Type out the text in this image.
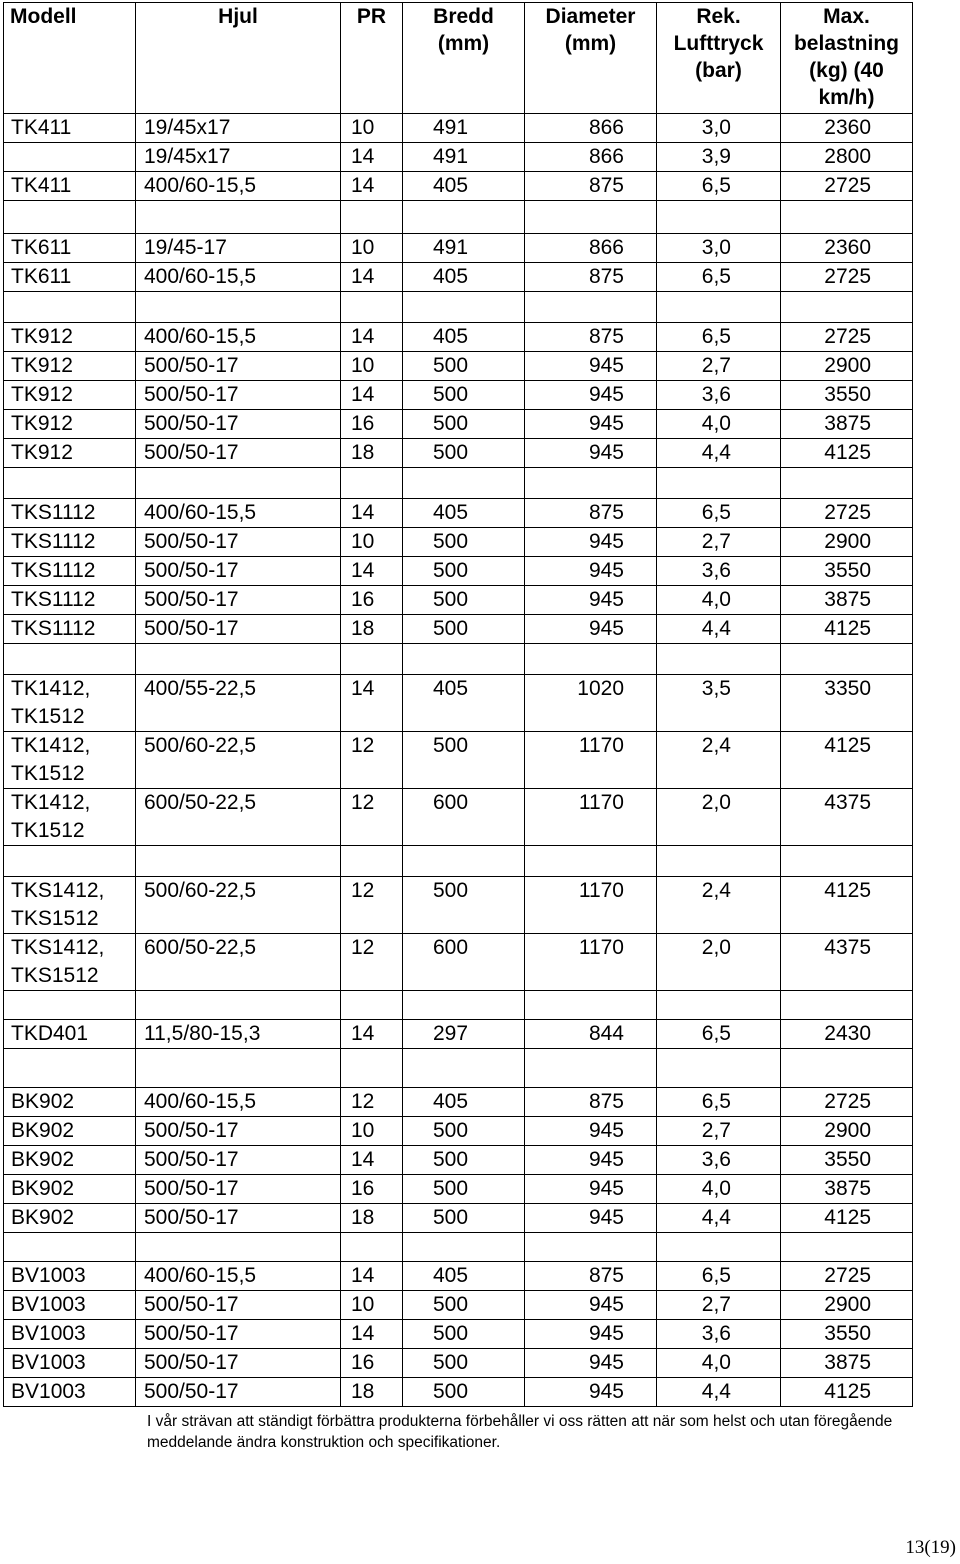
Modell	Hjul	PR	Bredd (mm)	Diameter (mm)	Rek. Lufttryck (bar)	Max. belastning (kg) (40 km/h)
TK411	19/45x17  	10	491	866	3,0	2360
	19/45x17	14	491	866	3,9	2800
TK411	400/60-15,5  	14	405	875	6,5	2725

TK611	19/45-17  	10	491	866	3,0	2360
TK611	400/60-15,5  	14	405	875	6,5	2725

TK912	400/60-15,5  	14	405	875	6,5	2725
TK912	500/50-17  	10	500	945	2,7	2900
TK912	500/50-17	14	500	945	3,6	3550
TK912	500/50-17	16	500	945	4,0	3875
TK912	500/50-17	18	500	945	4,4	4125

TKS1112	400/60-15,5  	14	405	875	6,5	2725
TKS1112	500/50-17  	10	500	945	2,7	2900
TKS1112	500/50-17	14	500	945	3,6	3550
TKS1112	500/50-17	16	500	945	4,0	3875
TKS1112	500/50-17	18	500	945	4,4	4125

TK1412, TK1512	400/55-22,5  	14	405	1020	3,5	3350
TK1412, TK1512	500/60-22,5  	12	500	1170	2,4	4125
TK1412, TK1512	600/50-22,5  	12	600	1170	2,0	4375

TKS1412, TKS1512	500/60-22,5  	12	500	1170	2,4	4125
TKS1412, TKS1512	600/50-22,5  	12	600	1170	2,0	4375

TKD401	11,5/80-15,3	14	297	844	6,5	2430

BK902	400/60-15,5	12	405	875	6,5	2725
BK902	500/50-17	10	500	945	2,7	2900
BK902	500/50-17	14	500	945	3,6	3550
BK902	500/50-17	16	500	945	4,0	3875
BK902	500/50-17	18	500	945	4,4	4125

BV1003	400/60-15,5  	14	405	875	6,5	2725
BV1003	500/50-17  	10	500	945	2,7	2900
BV1003	500/50-17  	14	500	945	3,6	3550
BV1003	500/50-17  	16	500	945	4,0	3875
BV1003	500/50-17	18	500	945	4,4	4125
I vår strävan att ständigt förbättra produkterna förbehåller vi oss rätten att när som helst och utan föregående meddelande ändra konstruktion och specifikationer.
13(19)
